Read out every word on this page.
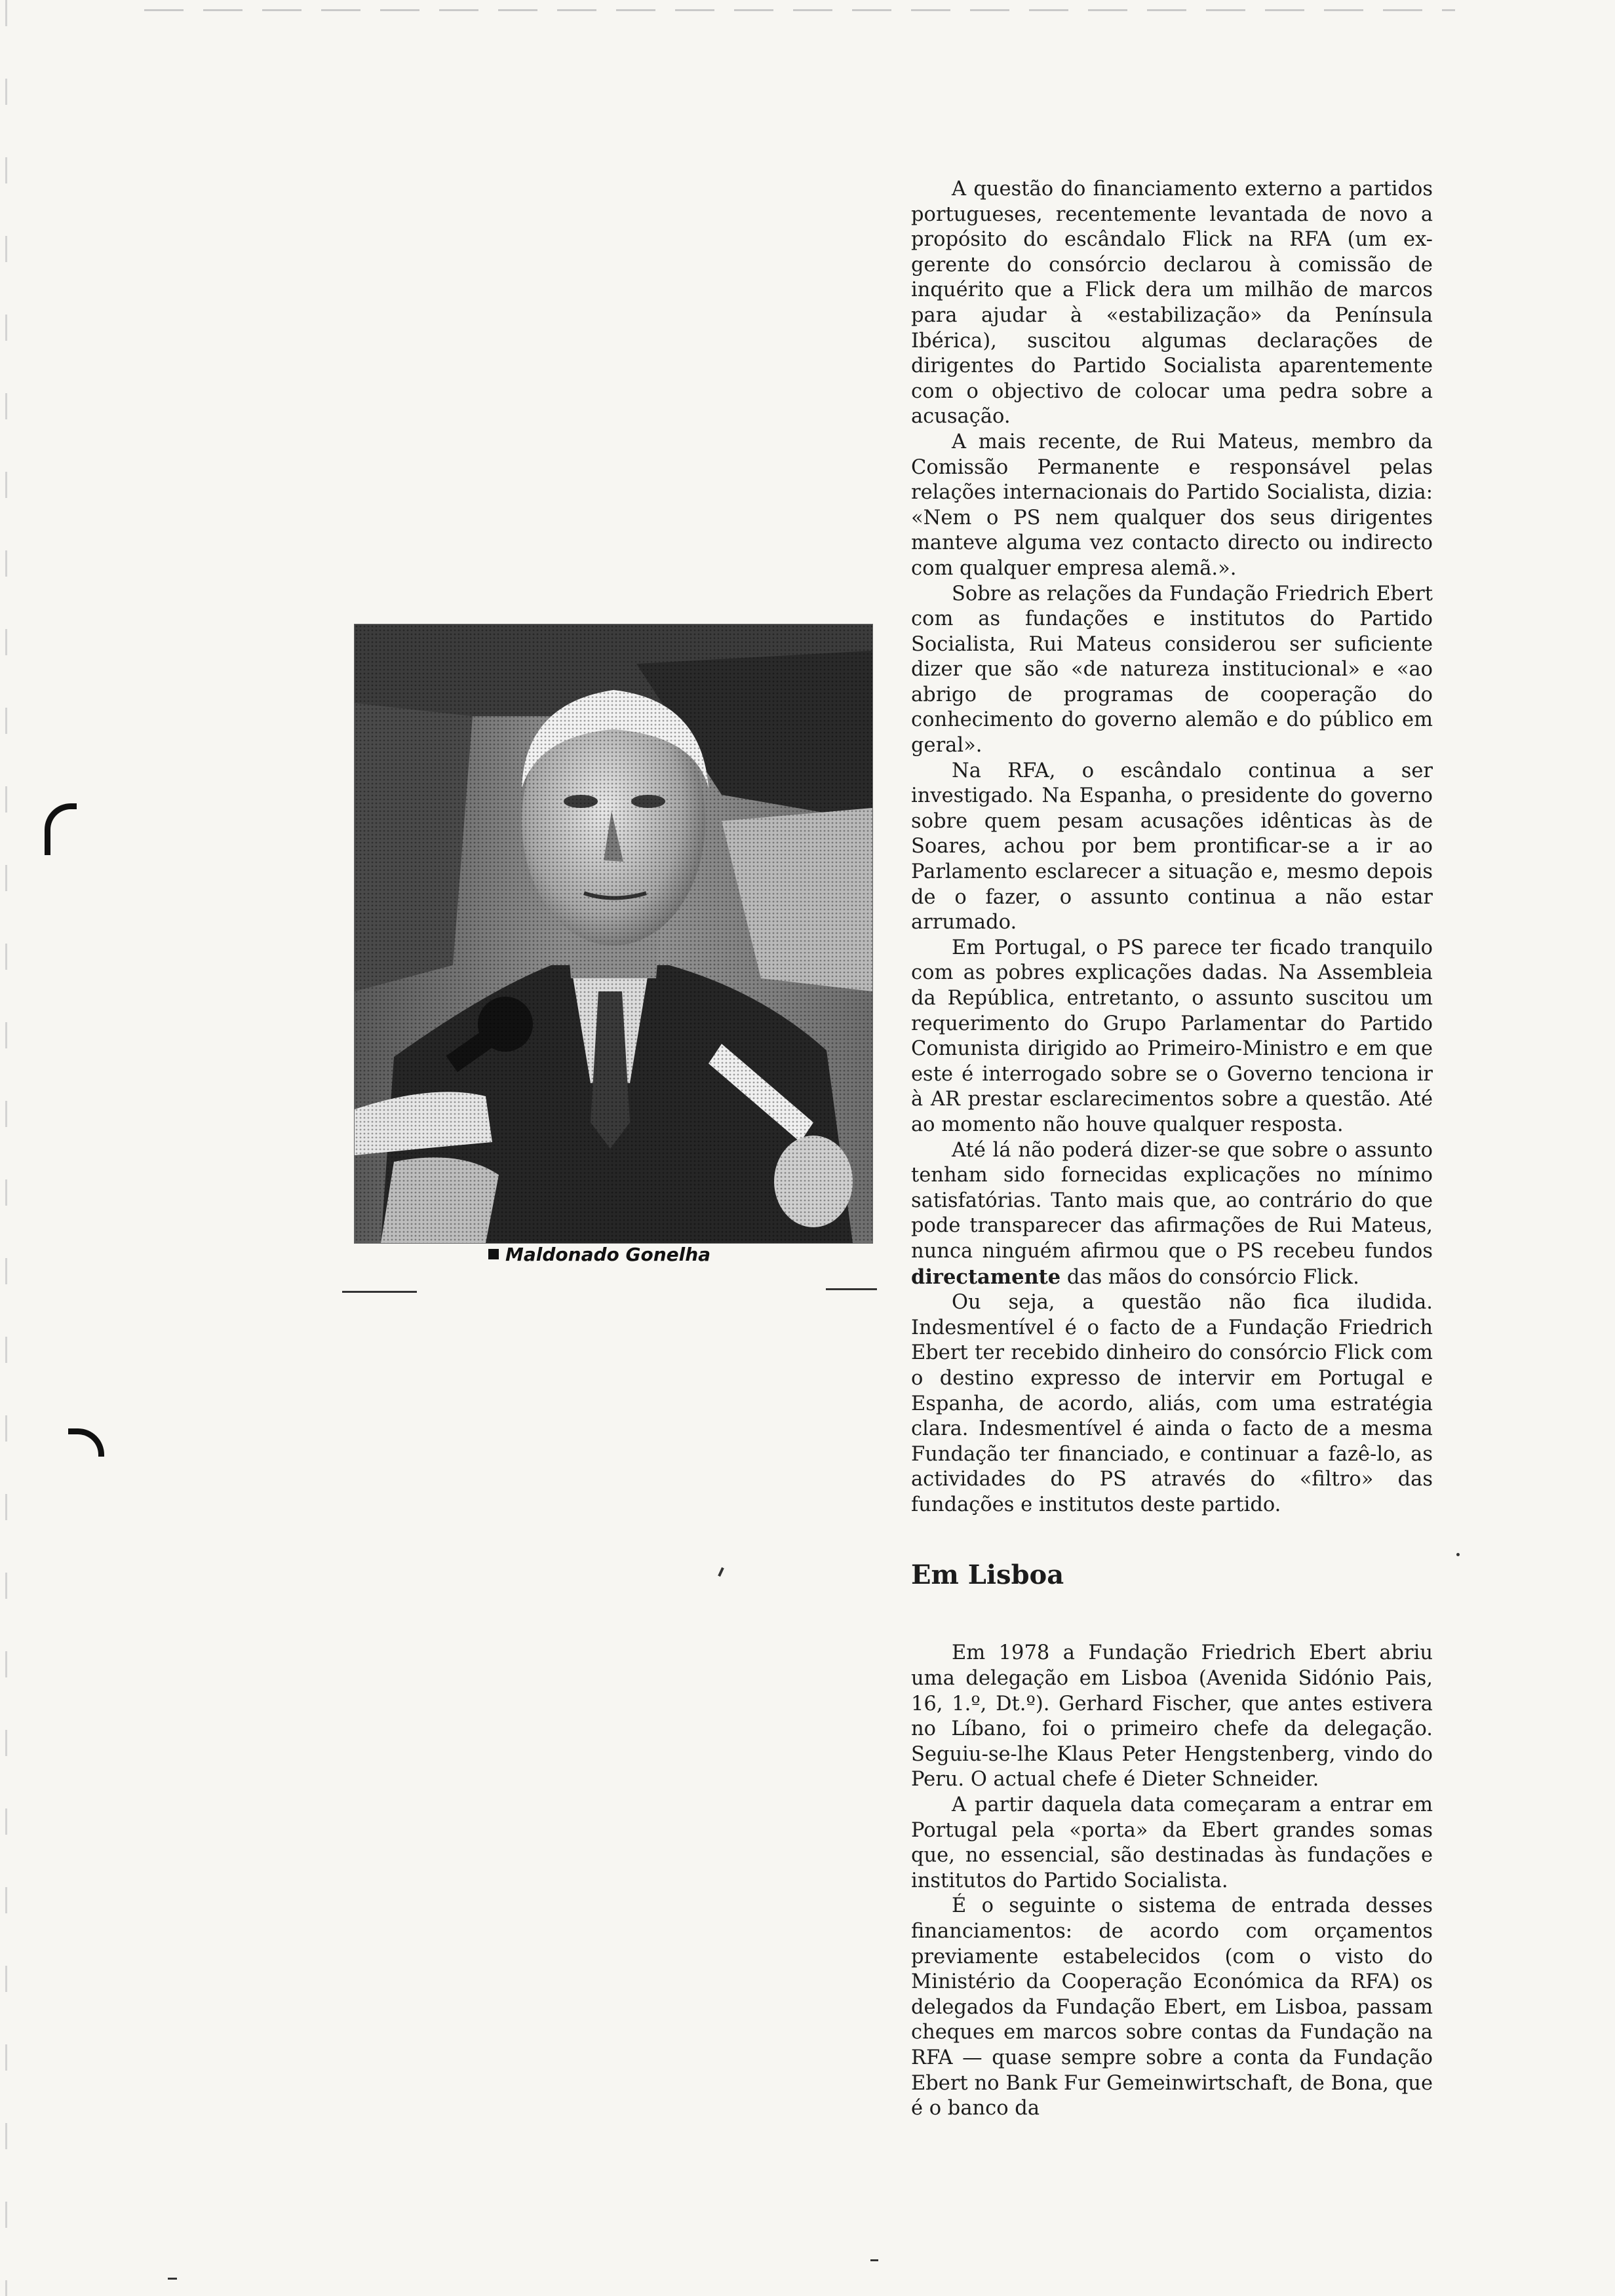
Maldonado Gonelha

A questão do financiamento externo a partidos portugueses, recentemente levantada de novo a propósito do escândalo Flick na RFA (um ex-gerente do consórcio declarou à comissão de inquérito que a Flick dera um milhão de marcos para ajudar à «estabilização» da Península Ibérica), suscitou algumas declarações de dirigentes do Partido Socialista aparentemente com o objectivo de colocar uma pedra sobre a acusação.

A mais recente, de Rui Mateus, membro da Comissão Permanente e responsável pelas relações internacionais do Partido Socialista, dizia: «Nem o PS nem qualquer dos seus dirigentes manteve alguma vez contacto directo ou indirecto com qualquer empresa alemã.».

Sobre as relações da Fundação Friedrich Ebert com as fundações e institutos do Partido Socialista, Rui Mateus considerou ser suficiente dizer que são «de natureza institucional» e «ao abrigo de programas de cooperação do conhecimento do governo alemão e do público em geral».

Na RFA, o escândalo continua a ser investigado. Na Espanha, o presidente do governo sobre quem pesam acusações idênticas às de Soares, achou por bem prontificar-se a ir ao Parlamento esclarecer a situação e, mesmo depois de o fazer, o assunto continua a não estar arrumado.

Em Portugal, o PS parece ter ficado tranquilo com as pobres explicações dadas. Na Assembleia da República, entretanto, o assunto suscitou um requerimento do Grupo Parlamentar do Partido Comunista dirigido ao Primeiro-Ministro e em que este é interrogado sobre se o Governo tenciona ir à AR prestar esclarecimentos sobre a questão. Até ao momento não houve qualquer resposta.

Até lá não poderá dizer-se que sobre o assunto tenham sido fornecidas explicações no mínimo satisfatórias. Tanto mais que, ao contrário do que pode transparecer das afirmações de Rui Mateus, nunca ninguém afirmou que o PS recebeu fundos directamente das mãos do consórcio Flick.

Ou seja, a questão não fica iludida. Indesmentível é o facto de a Fundação Friedrich Ebert ter recebido dinheiro do consórcio Flick com o destino expresso de intervir em Portugal e Espanha, de acordo, aliás, com uma estratégia clara. Indesmentível é ainda o facto de a mesma Fundação ter financiado, e continuar a fazê-lo, as actividades do PS através do «filtro» das fundações e institutos deste partido.

Em Lisboa

Em 1978 a Fundação Friedrich Ebert abriu uma delegação em Lisboa (Avenida Sidónio Pais, 16, 1.º, Dt.º). Gerhard Fischer, que antes estivera no Líbano, foi o primeiro chefe da delegação. Seguiu-se-lhe Klaus Peter Hengstenberg, vindo do Peru. O actual chefe é Dieter Schneider.

A partir daquela data começaram a entrar em Portugal pela «porta» da Ebert grandes somas que, no essencial, são destinadas às fundações e institutos do Partido Socialista.

É o seguinte o sistema de entrada desses financiamentos: de acordo com orçamentos previamente estabelecidos (com o visto do Ministério da Cooperação Económica da RFA) os delegados da Fundação Ebert, em Lisboa, passam cheques em marcos sobre contas da Fundação na RFA — quase sempre sobre a conta da Fundação Ebert no Bank Fur Gemeinwirtschaft, de Bona, que é o banco da
